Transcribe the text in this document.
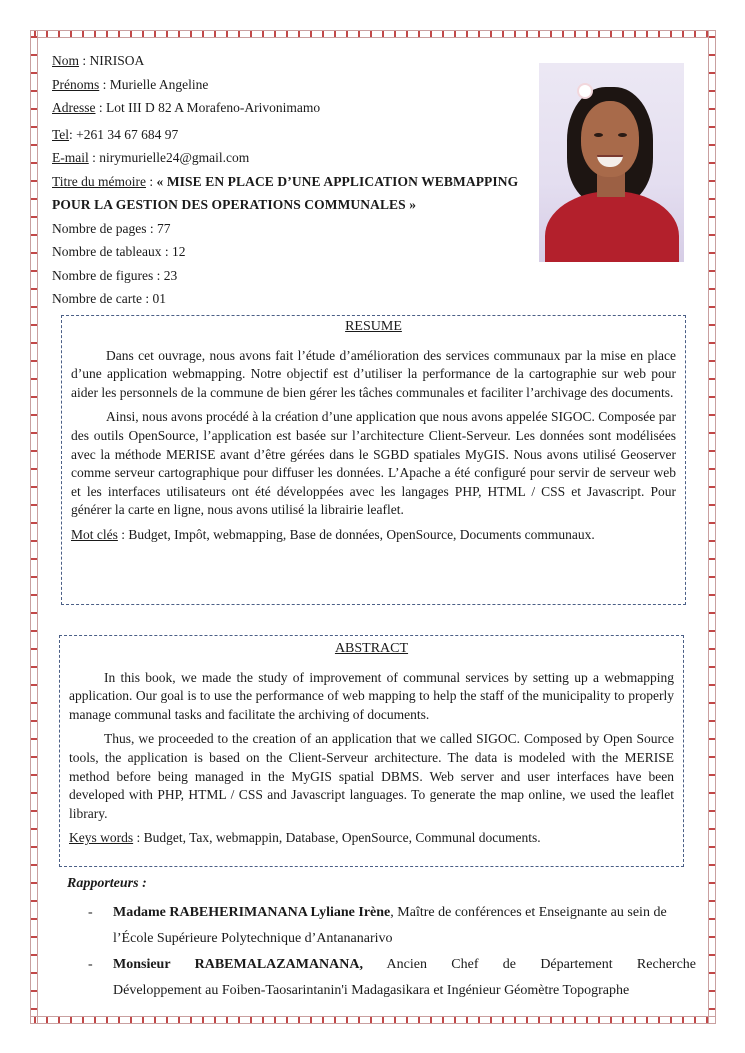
Nom : NIRISOA
Prénoms : Murielle Angeline
Adresse : Lot III D 82 A Morafeno-Arivonimamo
Tel: +261 34 67 684 97
E-mail : nirymurielle24@gmail.com
Titre du mémoire : « MISE EN PLACE D’UNE APPLICATION WEBMAPPING
POUR LA GESTION DES OPERATIONS COMMUNALES »
Nombre de pages : 77
Nombre de tableaux : 12
Nombre de figures : 23
Nombre de carte : 01
RESUME

Dans cet ouvrage, nous avons fait l’étude d’amélioration des services communaux par la mise en place d’une application webmapping. Notre objectif est d’utiliser la performance de la cartographie sur web pour aider les personnels de la commune de bien gérer les tâches communales et faciliter l’archivage des documents.

Ainsi, nous avons procédé à la création d’une application que nous avons appelée SIGOC. Composée par des outils OpenSource, l’application est basée sur l’architecture Client-Serveur. Les données sont modélisées avec la méthode MERISE avant d’être gérées dans le SGBD spatiales MyGIS. Nous avons utilisé Geoserver comme serveur cartographique pour diffuser les données. L’Apache a été configuré pour servir de serveur web et les interfaces utilisateurs ont été développées avec les langages PHP, HTML / CSS et Javascript. Pour générer la carte en ligne, nous avons utilisé la librairie leaflet.

Mot clés : Budget, Impôt, webmapping, Base de données, OpenSource, Documents communaux.

ABSTRACT

In this book, we made the study of improvement of communal services by setting up a webmapping application. Our goal is to use the performance of web mapping to help the staff of the municipality to properly manage communal tasks and facilitate the archiving of documents.

Thus, we proceeded to the creation of an application that we called SIGOC. Composed by Open Source tools, the application is based on the Client-Serveur architecture. The data is modeled with the MERISE method before being managed in the MyGIS spatial DBMS. Web server and user interfaces have been developed with PHP, HTML / CSS and Javascript languages. To generate the map online, we used the leaflet library.

Keys words : Budget, Tax, webmappin, Database, OpenSource, Communal documents.

Rapporteurs :
- Madame RABEHERIMANANA Lyliane Irène, Maître de conférences et Enseignante au sein de
l’École Supérieure Polytechnique d’Antananarivo
- Monsieur RABEMALAZAMANANA, Ancien Chef de Département Recherche
Développement au Foiben-Taosarintanin'i Madagasikara et Ingénieur Géomètre Topographe
